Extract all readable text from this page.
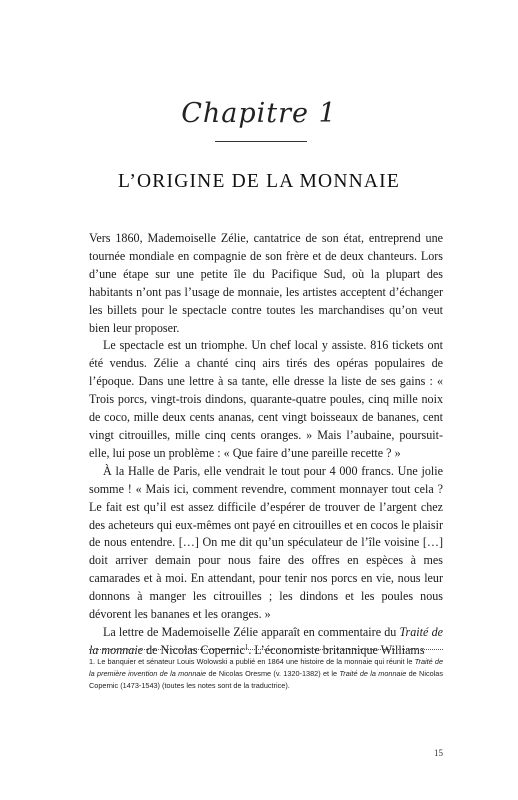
Chapitre 1
L’ORIGINE DE LA MONNAIE

Vers 1860, Mademoiselle Zélie, cantatrice de son état, entreprend une tournée mondiale en compagnie de son frère et de deux chanteurs. Lors d’une étape sur une petite île du Pacifique Sud, où la plupart des habitants n’ont pas l’usage de monnaie, les artistes acceptent d’échanger les billets pour le spectacle contre toutes les marchandises qu’on veut bien leur proposer.

Le spectacle est un triomphe. Un chef local y assiste. 816 tickets ont été vendus. Zélie a chanté cinq airs tirés des opéras populaires de l’époque. Dans une lettre à sa tante, elle dresse la liste de ses gains : « Trois porcs, vingt-trois dindons, quarante-quatre poules, cinq mille noix de coco, mille deux cents ananas, cent vingt boisseaux de bananes, cent vingt citrouilles, mille cinq cents oranges. » Mais l’aubaine, poursuit-elle, lui pose un problème : « Que faire d’une pareille recette ? »

À la Halle de Paris, elle vendrait le tout pour 4 000 francs. Une jolie somme ! « Mais ici, comment revendre, comment monnayer tout cela ? Le fait est qu’il est assez difficile d’espérer de trouver de l’argent chez des acheteurs qui eux-mêmes ont payé en citrouilles et en cocos le plaisir de nous entendre. […] On me dit qu’un spéculateur de l’île voisine […] doit arriver demain pour nous faire des offres en espèces à mes camarades et à moi. En attendant, pour tenir nos porcs en vie, nous leur donnons à manger les citrouilles ; les dindons et les poules nous dévorent les bananes et les oranges. »

La lettre de Mademoiselle Zélie apparaît en commentaire du Traité de la monnaie de Nicolas Copernic$^1$. L’économiste britannique Williams

1. Le banquier et sénateur Louis Wolowski a publié en 1864 une histoire de la monnaie qui réunit le Traité de la première invention de la monnaie de Nicolas Oresme (v. 1320-1382) et le Traité de la monnaie de Nicolas Copernic (1473-1543) (toutes les notes sont de la traductrice).
15
